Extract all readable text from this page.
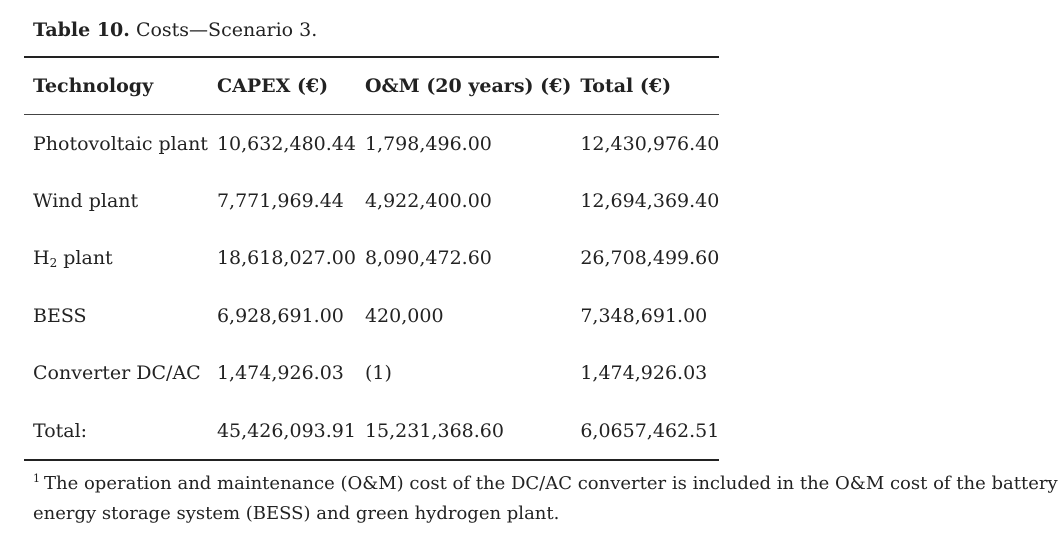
Table 10. Costs—Scenario 3.
Technology	CAPEX (€)	O&M (20 years) (€)	Total (€)
Photovoltaic plant	10,632,480.44	1,798,496.00	12,430,976.40
Wind plant	7,771,969.44	4,922,400.00	12,694,369.40
$H_2$ plant	18,618,027.00	8,090,472.60	26,708,499.60
BESS	6,928,691.00	420,000	7,348,691.00
Converter DC/AC	1,474,926.03	(1)	1,474,926.03
Total:	45,426,093.91	15,231,368.60	6,0657,462.51
$^1$ The operation and maintenance (O&M) cost of the DC/AC converter is included in the O&M cost of the battery energy storage system (BESS) and green hydrogen plant.
